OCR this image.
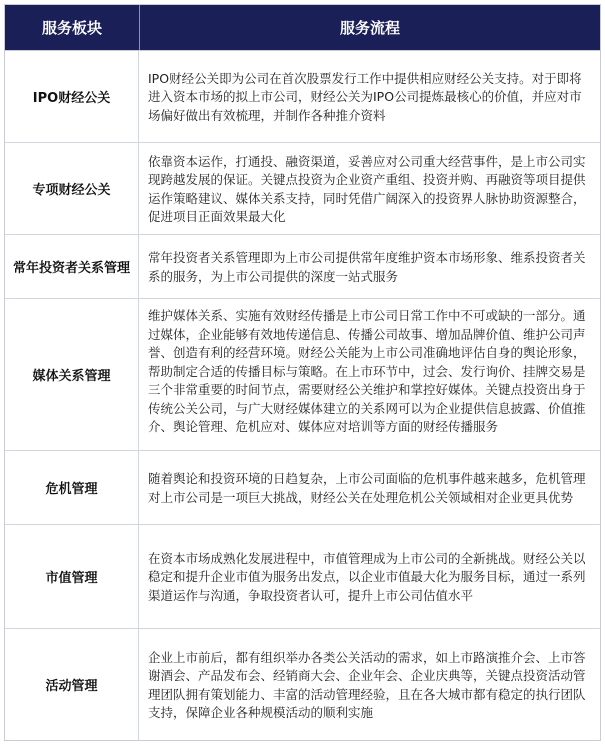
服务板块	服务流程
IPO财经公关
IPO财经公关即为公司在首次股票发行工作中提供相应财经公关支持。对于即将进入资本市场的拟上市公司，财经公关为IPO公司提炼最核心的价值，并应对市场偏好做出有效梳理，并制作各种推介资料
专项财经公关
依靠资本运作，打通投、融资渠道，妥善应对公司重大经营事件，是上市公司实现跨越发展的保证。关键点投资为企业资产重组、投资并购、再融资等项目提供运作策略建议、媒体关系支持，同时凭借广阔深入的投资界人脉协助资源整合，促进项目正面效果最大化
常年投资者关系管理
常年投资者关系管理即为上市公司提供常年度维护资本市场形象、维系投资者关系的服务，为上市公司提供的深度一站式服务
媒体关系管理
维护媒体关系、实施有效财经传播是上市公司日常工作中不可或缺的一部分。通过媒体，企业能够有效地传递信息、传播公司故事、增加品牌价值、维护公司声誉、创造有利的经营环境。财经公关能为上市公司准确地评估自身的舆论形象，帮助制定合适的传播目标与策略。在上市环节中，过会、发行询价、挂牌交易是三个非常重要的时间节点，需要财经公关维护和掌控好媒体。关键点投资出身于传统公关公司，与广大财经媒体建立的关系网可以为企业提供信息披露、价值推介、舆论管理、危机应对、媒体应对培训等方面的财经传播服务
危机管理
随着舆论和投资环境的日趋复杂，上市公司面临的危机事件越来越多，危机管理对上市公司是一项巨大挑战，财经公关在处理危机公关领域相对企业更具优势
市值管理
在资本市场成熟化发展进程中，市值管理成为上市公司的全新挑战。财经公关以稳定和提升企业市值为服务出发点，以企业市值最大化为服务目标，通过一系列渠道运作与沟通，争取投资者认可，提升上市公司估值水平
活动管理
企业上市前后，都有组织举办各类公关活动的需求，如上市路演推介会、上市答谢酒会、产品发布会、经销商大会、企业年会、企业庆典等，关键点投资活动管理团队拥有策划能力、丰富的活动管理经验，且在各大城市都有稳定的执行团队支持，保障企业各种规模活动的顺利实施
